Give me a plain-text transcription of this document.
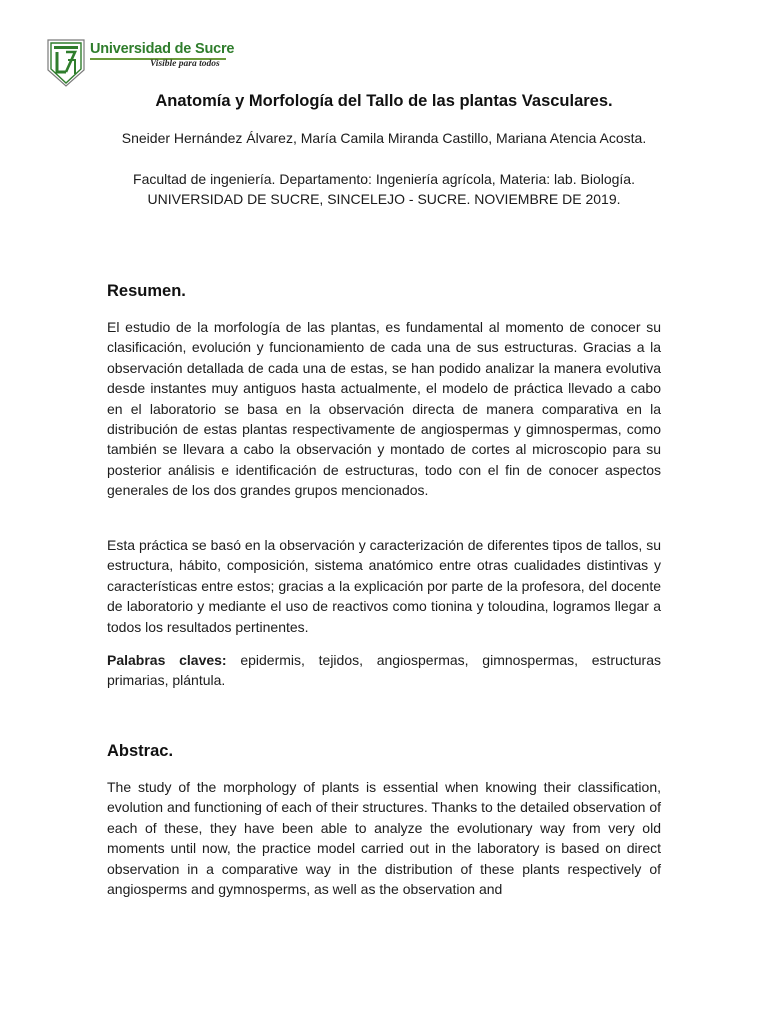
Universidad de Sucre
Visible para todos
Anatomía y Morfología del Tallo de las plantas Vasculares.
Sneider Hernández Álvarez, María Camila Miranda Castillo, Mariana Atencia Acosta.
Facultad de ingeniería. Departamento: Ingeniería agrícola, Materia: lab. Biología.
UNIVERSIDAD DE SUCRE, SINCELEJO - SUCRE. NOVIEMBRE DE 2019.
Resumen.
El estudio de la morfología de las plantas, es fundamental al momento de conocer su clasificación, evolución y funcionamiento de cada una de sus estructuras. Gracias a la observación detallada de cada una de estas, se han podido analizar la manera evolutiva desde instantes muy antiguos hasta actualmente, el modelo de práctica llevado a cabo en el laboratorio se basa en la observación directa de manera comparativa en la distribución de estas plantas respectivamente de angiospermas y gimnospermas, como también se llevara a cabo la observación y montado de cortes al microscopio para su posterior análisis e identificación de estructuras, todo con el fin de conocer aspectos generales de los dos grandes grupos mencionados.
Esta práctica se basó en la observación y caracterización de diferentes tipos de tallos, su estructura, hábito, composición, sistema anatómico entre otras cualidades distintivas y características entre estos; gracias a la explicación por parte de la profesora, del docente de laboratorio y mediante el uso de reactivos como tionina y toloudina, logramos llegar a todos los resultados pertinentes.
Palabras claves: epidermis, tejidos, angiospermas, gimnospermas, estructuras primarias, plántula.
Abstrac.
The study of the morphology of plants is essential when knowing their classification, evolution and functioning of each of their structures. Thanks to the detailed observation of each of these, they have been able to analyze the evolutionary way from very old moments until now, the practice model carried out in the laboratory is based on direct observation in a comparative way in the distribution of these plants respectively of angiosperms and gymnosperms, as well as the observation and
